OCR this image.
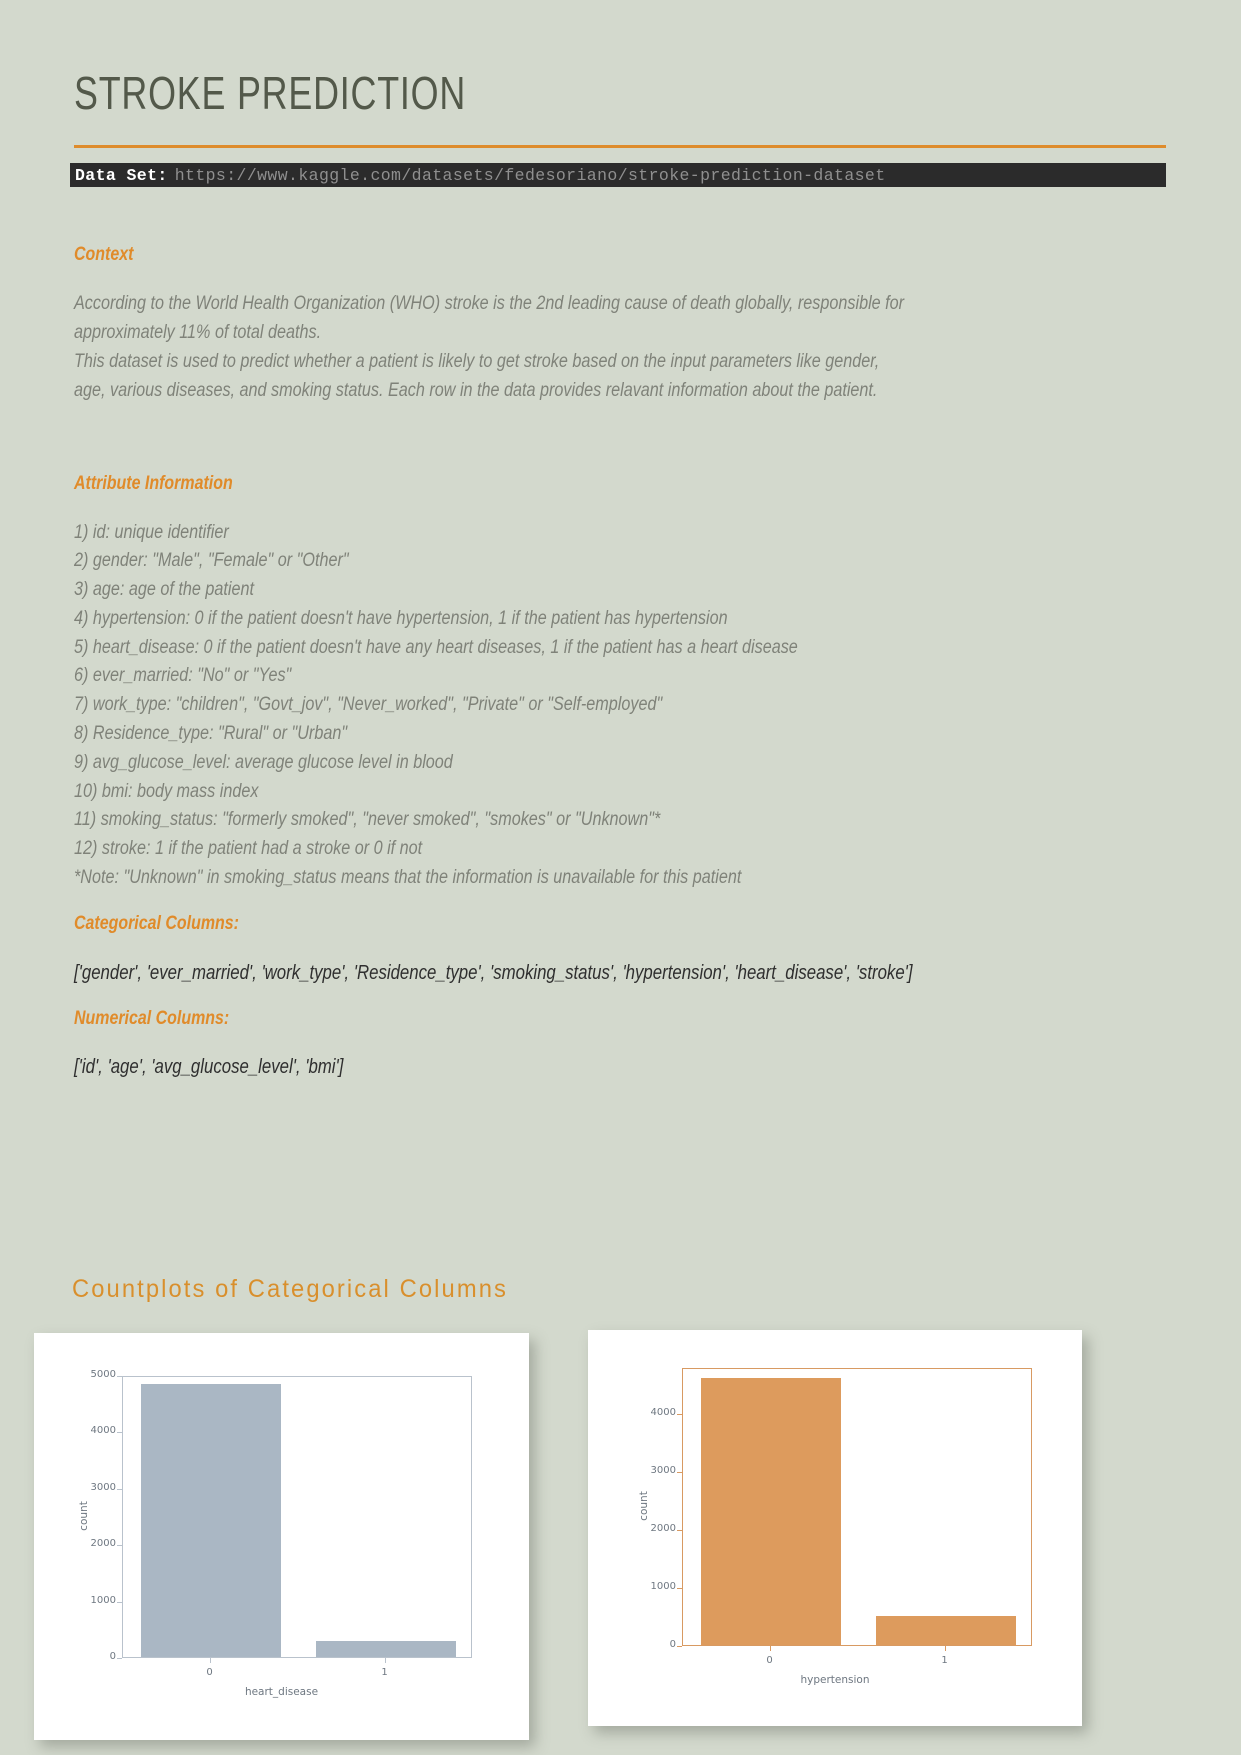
STROKE PREDICTION
Data Set: https://www.kaggle.com/datasets/fedesoriano/stroke-prediction-dataset
Context
According to the World Health Organization (WHO) stroke is the 2nd leading cause of death globally, responsible for
approximately 11% of total deaths.
This dataset is used to predict whether a patient is likely to get stroke based on the input parameters like gender,
age, various diseases, and smoking status. Each row in the data provides relavant information about the patient.
Attribute Information
1) id: unique identifier
2) gender: "Male", "Female" or "Other"
3) age: age of the patient
4) hypertension: 0 if the patient doesn't have hypertension, 1 if the patient has hypertension
5) heart_disease: 0 if the patient doesn't have any heart diseases, 1 if the patient has a heart disease
6) ever_married: "No" or "Yes"
7) work_type: "children", "Govt_jov", "Never_worked", "Private" or "Self-employed"
8) Residence_type: "Rural" or "Urban"
9) avg_glucose_level: average glucose level in blood
10) bmi: body mass index
11) smoking_status: "formerly smoked", "never smoked", "smokes" or "Unknown"*
12) stroke: 1 if the patient had a stroke or 0 if not
*Note: "Unknown" in smoking_status means that the information is unavailable for this patient
Categorical Columns:
['gender', 'ever_married', 'work_type', 'Residence_type', 'smoking_status', 'hypertension', 'heart_disease', 'stroke']
Numerical Columns:
['id', 'age', 'avg_glucose_level', 'bmi']
Countplots of Categorical Columns
0
1000
2000
3000
4000
5000
0	1
heart_disease
count
0
1000
2000
3000
4000
0	1
hypertension
count
